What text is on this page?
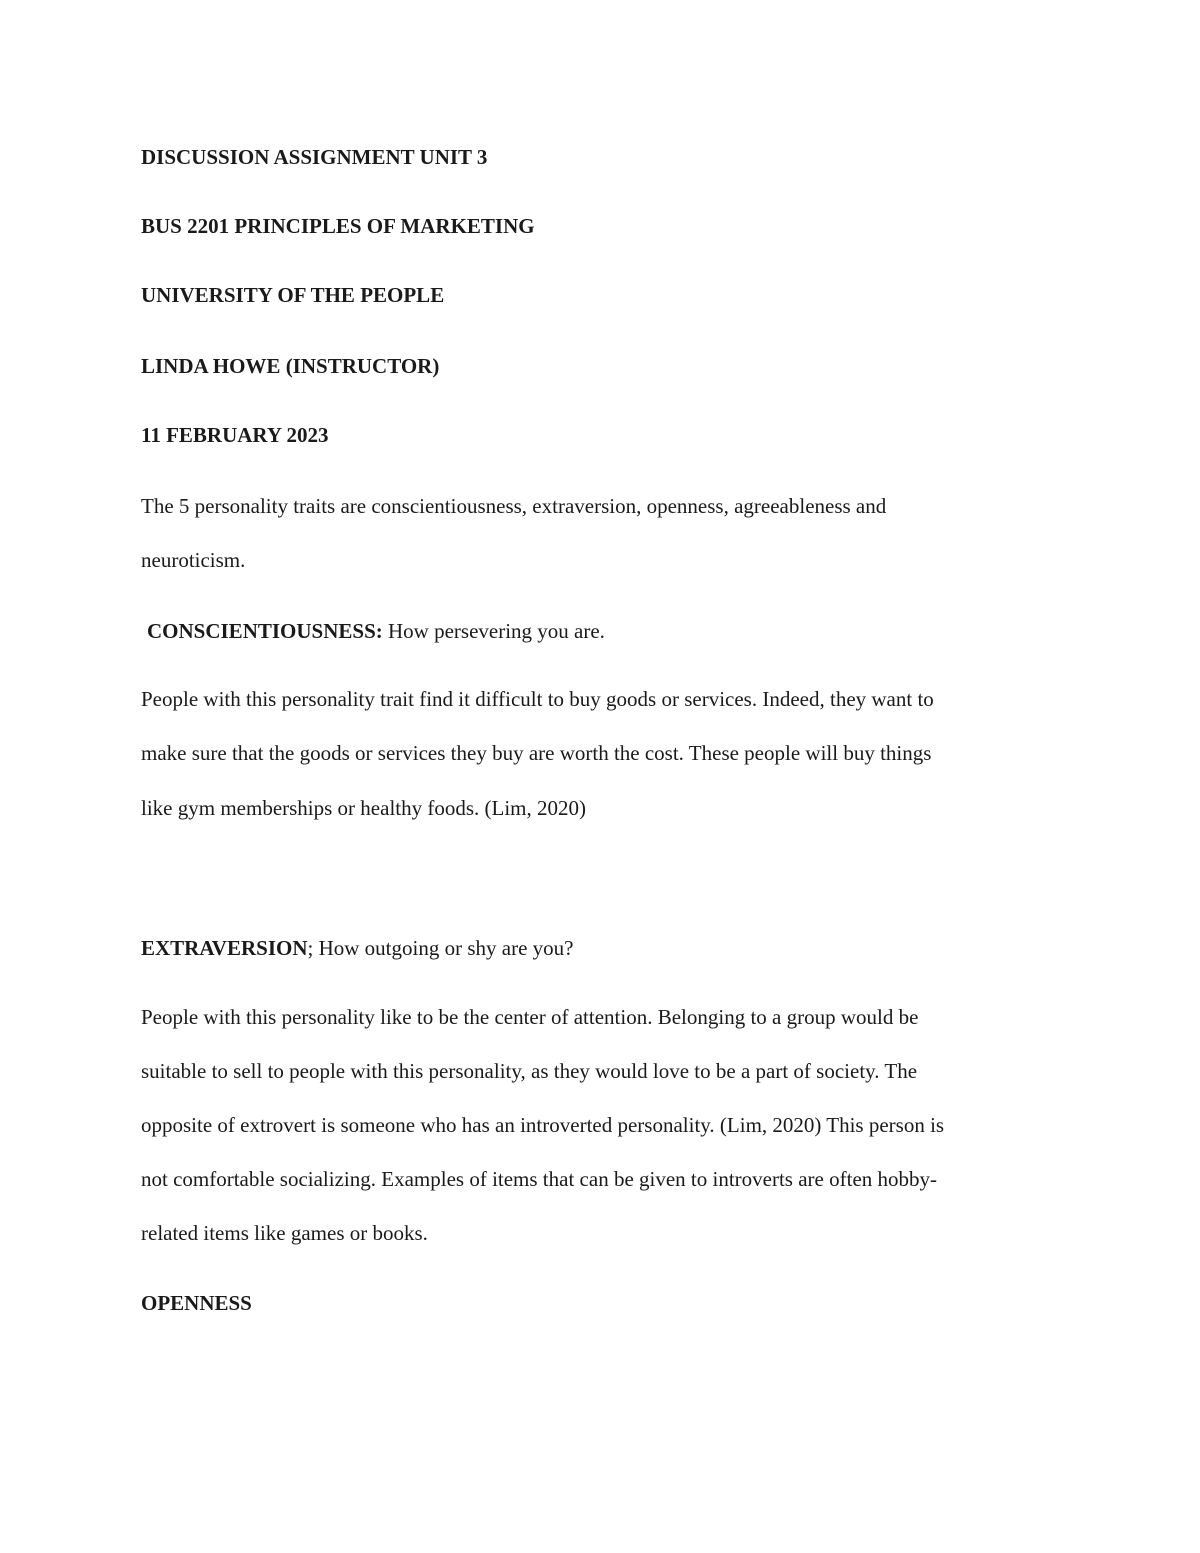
DISCUSSION ASSIGNMENT UNIT 3
BUS 2201 PRINCIPLES OF MARKETING
UNIVERSITY OF THE PEOPLE
LINDA HOWE (INSTRUCTOR)
11 FEBRUARY 2023
The 5 personality traits are conscientiousness, extraversion, openness, agreeableness and
neuroticism.
CONSCIENTIOUSNESS: How persevering you are.
People with this personality trait find it difficult to buy goods or services. Indeed, they want to
make sure that the goods or services they buy are worth the cost. These people will buy things
like gym memberships or healthy foods. (Lim, 2020)
EXTRAVERSION; How outgoing or shy are you?
People with this personality like to be the center of attention. Belonging to a group would be
suitable to sell to people with this personality, as they would love to be a part of society. The
opposite of extrovert is someone who has an introverted personality. (Lim, 2020) This person is
not comfortable socializing. Examples of items that can be given to introverts are often hobby-
related items like games or books.
OPENNESS
